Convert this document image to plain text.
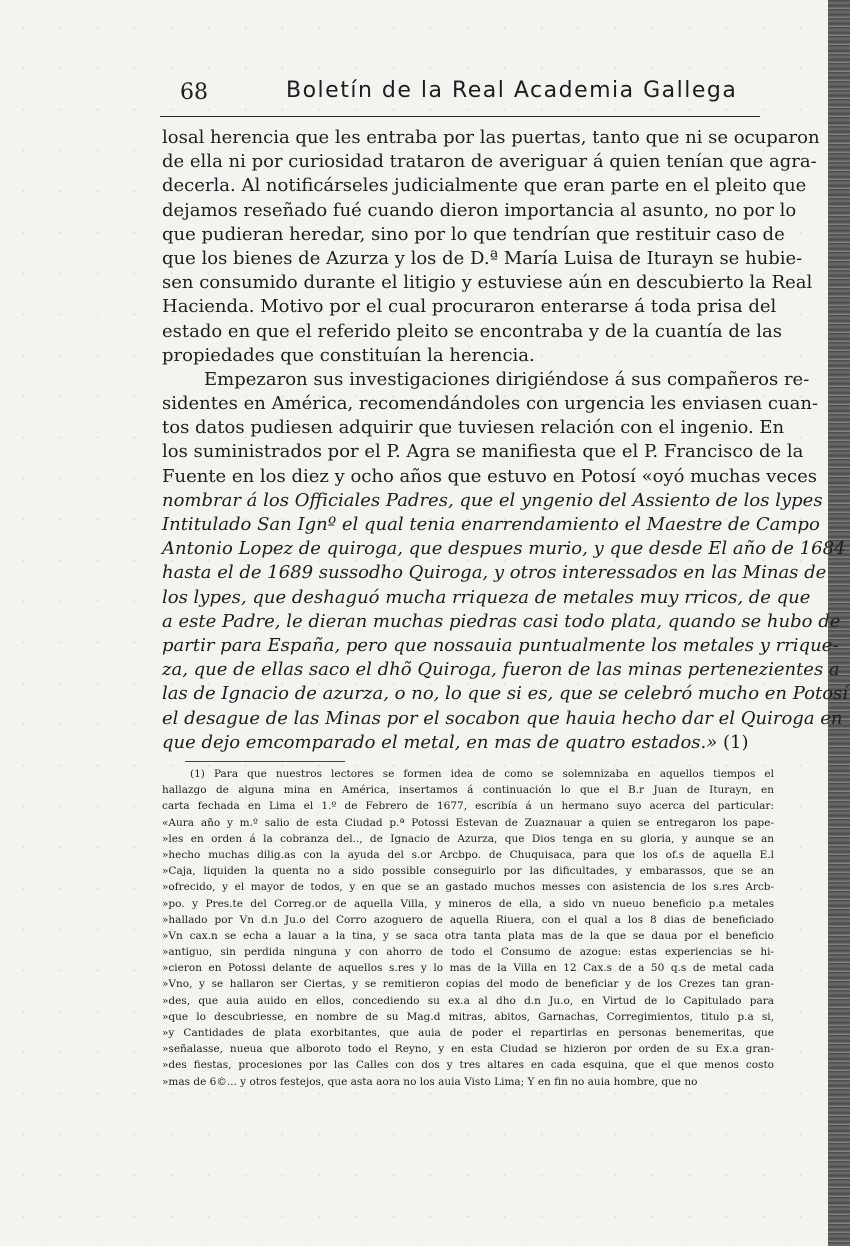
68	Boletín de la Real Academia Gallega
losal herencia que les entraba por las puertas, tanto que ni se ocuparon
de ella ni por curiosidad trataron de averiguar á quien tenían que agra-
decerla. Al notificárseles judicialmente que eran parte en el pleito que
dejamos reseñado fué cuando dieron importancia al asunto, no por lo
que pudieran heredar, sino por lo que tendrían que restituir caso de
que los bienes de Azurza y los de D.ª María Luisa de Iturayn se hubie-
sen consumido durante el litigio y estuviese aún en descubierto la Real
Hacienda. Motivo por el cual procuraron enterarse á toda prisa del
estado en que el referido pleito se encontraba y de la cuantía de las
propiedades que constituían la herencia.
Empezaron sus investigaciones dirigiéndose á sus compañeros re-
sidentes en América, recomendándoles con urgencia les enviasen cuan-
tos datos pudiesen adquirir que tuviesen relación con el ingenio. En
los suministrados por el P. Agra se manifiesta que el P. Francisco de la
Fuente en los diez y ocho años que estuvo en Potosí «oyó muchas veces
nombrar á los Officiales Padres, que el yngenio del Assiento de los lypes
Intitulado San Ignº el qual tenia enarrendamiento el Maestre de Campo
Antonio Lopez de quiroga, que despues murio, y que desde El año de 1684
hasta el de 1689 sussodho Quiroga, y otros interessados en las Minas de
los lypes, que deshaguó mucha rriqueza de metales muy rricos, de que
a este Padre, le dieran muchas piedras casi todo plata, quando se hubo de
partir para España, pero que nossauia puntualmente los metales y rrique-
za, que de ellas saco el dhõ Quiroga, fueron de las minas pertenezientes a
las de Ignacio de azurza, o no, lo que si es, que se celebró mucho en Potosí
el desague de las Minas por el socabon que hauia hecho dar el Quiroga en
que dejo emcomparado el metal, en mas de quatro estados.» (1)
(1) Para que nuestros lectores se formen idea de como se solemnizaba en aquellos tiempos el
hallazgo de alguna mina en América, insertamos á continuación lo que el B.r Juan de Iturayn, en
carta fechada en Lima el 1.º de Febrero de 1677, escribía á un hermano suyo acerca del particular:
«Aura año y m.º salio de esta Ciudad p.ª Potossi Estevan de Zuaznauar a quien se entregaron los pape-
»les en orden á la cobranza del.., de Ignacio de Azurza, que Dios tenga en su gloria, y aunque se an
»hecho muchas dilig.as con la ayuda del s.or Arcbpo. de Chuquisaca, para que los of.s de aquella E.l
»Caja, liquiden la quenta no a sido possible conseguirlo por las dificultades, y embarassos, que se an
»ofrecido, y el mayor de todos, y en que se an gastado muchos messes con asistencia de los s.res Arcb-
»po. y Pres.te del Correg.or de aquella Villa, y mineros de ella, a sido vn nueuo beneficio p.a metales
»hallado por Vn d.n Ju.o del Corro azoguero de aquella Riuera, con el qual a los 8 dias de beneficiado
»Vn cax.n se echa a lauar a la tina, y se saca otra tanta plata mas de la que se daua por el beneficio
»antiguo, sin perdida ninguna y con ahorro de todo el Consumo de azogue: estas experiencias se hi-
»cieron en Potossi delante de aquellos s.res y lo mas de la Villa en 12 Cax.s de a 50 q.s de metal cada
»Vno, y se hallaron ser Ciertas, y se remitieron copias del modo de beneficiar y de los Crezes tan gran-
»des, que auia auido en ellos, concediendo su ex.a al dho d.n Ju.o, en Virtud de lo Capitulado para
»que lo descubriesse, en nombre de su Mag.d mitras, abitos, Garnachas, Corregimientos, titulo p.a si,
»y Cantidades de plata exorbitantes, que auia de poder el repartirlas en personas benemeritas, que
»señalasse, nueua que alboroto todo el Reyno, y en esta Ciudad se hizieron por orden de su Ex.a gran-
»des fiestas, procesiones por las Calles con dos y tres altares en cada esquina, que el que menos costo
»mas de 6©... y otros festejos, que asta aora no los auia Visto Lima; Y en fin no auia hombre, que no
